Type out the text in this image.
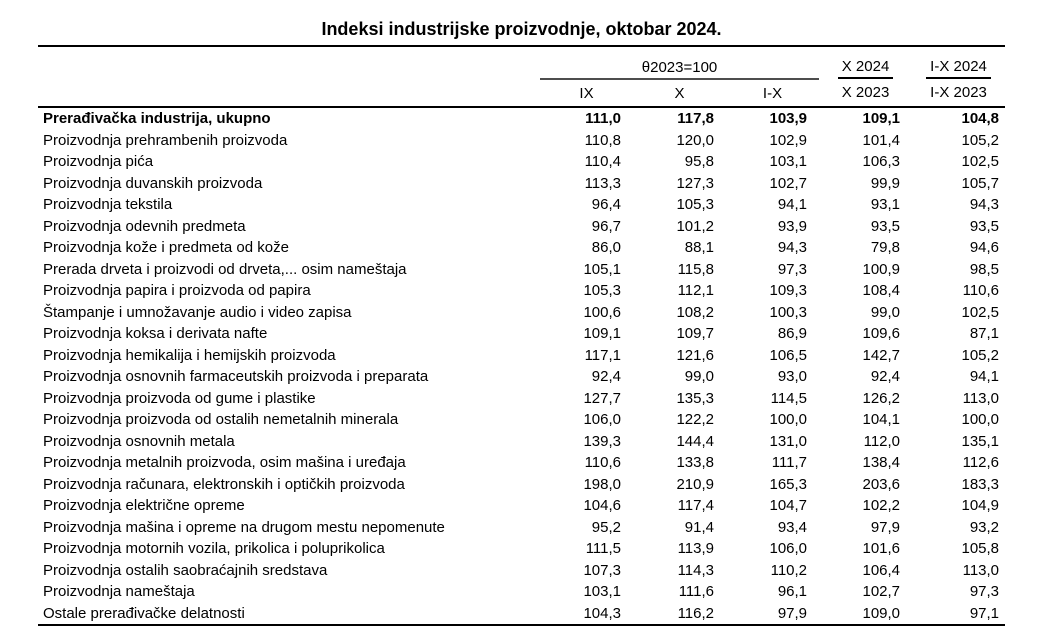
Indeksi industrijske proizvodnje, oktobar 2024.
	θ2023=100			X 2024	I-X 2024
	IX	X	I-X	X 2023	I-X 2023
Prerađivačka industrija, ukupno	111,0	117,8	103,9	109,1	104,8
Proizvodnja prehrambenih proizvoda	110,8	120,0	102,9	101,4	105,2
Proizvodnja pića	110,4	95,8	103,1	106,3	102,5
Proizvodnja duvanskih proizvoda	113,3	127,3	102,7	99,9	105,7
Proizvodnja tekstila	96,4	105,3	94,1	93,1	94,3
Proizvodnja odevnih predmeta	96,7	101,2	93,9	93,5	93,5
Proizvodnja kože i predmeta od kože	86,0	88,1	94,3	79,8	94,6
Prerada drveta i proizvodi od drveta,... osim nameštaja	105,1	115,8	97,3	100,9	98,5
Proizvodnja papira i proizvoda od papira	105,3	112,1	109,3	108,4	110,6
Štampanje i umnožavanje audio i video zapisa	100,6	108,2	100,3	99,0	102,5
Proizvodnja koksa i derivata nafte	109,1	109,7	86,9	109,6	87,1
Proizvodnja hemikalija i hemijskih proizvoda	117,1	121,6	106,5	142,7	105,2
Proizvodnja osnovnih farmaceutskih proizvoda i preparata	92,4	99,0	93,0	92,4	94,1
Proizvodnja proizvoda od gume i plastike	127,7	135,3	114,5	126,2	113,0
Proizvodnja proizvoda od ostalih nemetalnih minerala	106,0	122,2	100,0	104,1	100,0
Proizvodnja osnovnih metala	139,3	144,4	131,0	112,0	135,1
Proizvodnja metalnih proizvoda, osim mašina i uređaja	110,6	133,8	111,7	138,4	112,6
Proizvodnja računara, elektronskih i optičkih proizvoda	198,0	210,9	165,3	203,6	183,3
Proizvodnja električne opreme	104,6	117,4	104,7	102,2	104,9
Proizvodnja mašina i opreme na drugom mestu nepomenute	95,2	91,4	93,4	97,9	93,2
Proizvodnja motornih vozila, prikolica i poluprikolica	111,5	113,9	106,0	101,6	105,8
Proizvodnja ostalih saobraćajnih sredstava	107,3	114,3	110,2	106,4	113,0
Proizvodnja nameštaja	103,1	111,6	96,1	102,7	97,3
Ostale prerađivačke delatnosti	104,3	116,2	97,9	109,0	97,1
